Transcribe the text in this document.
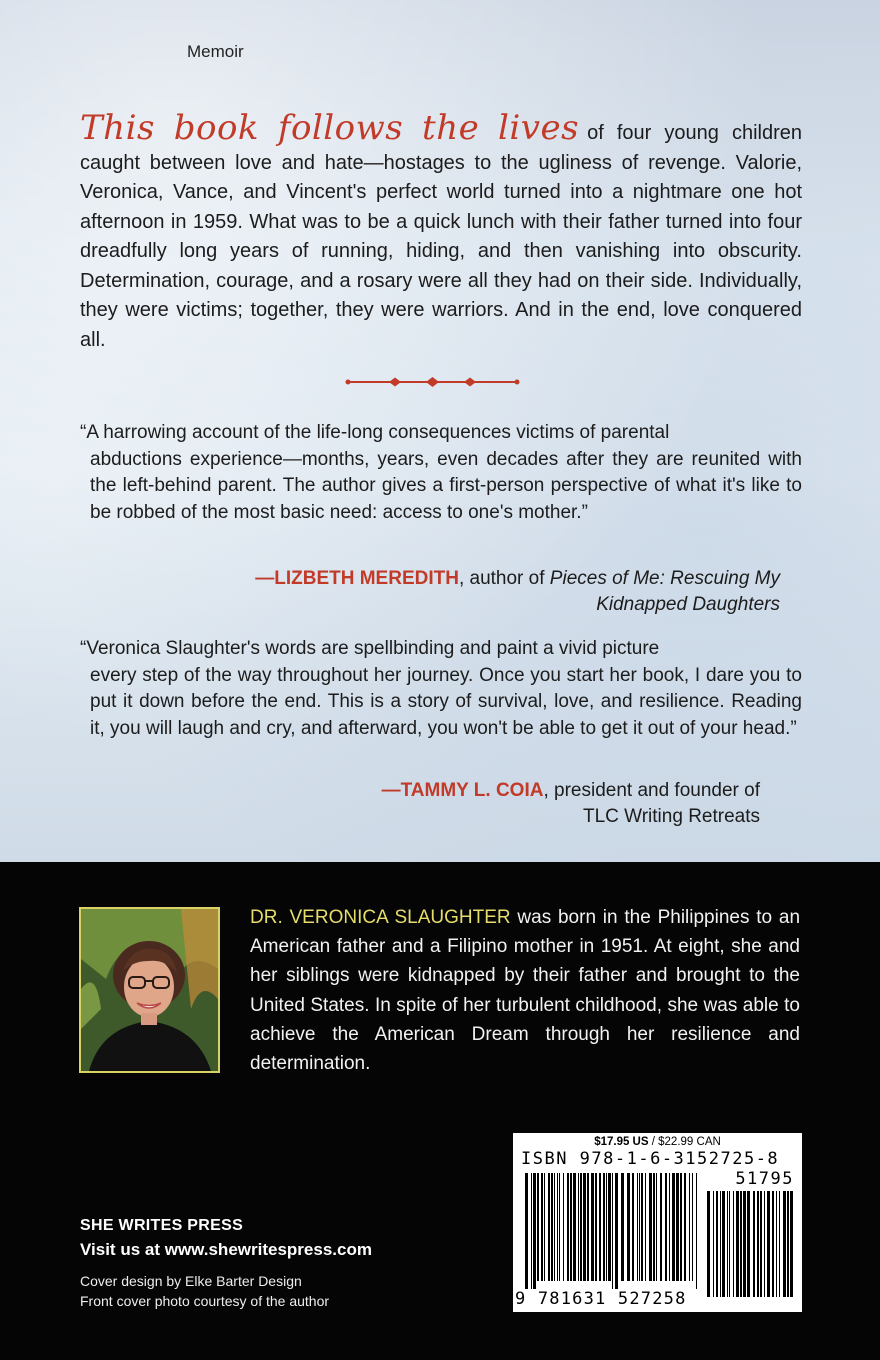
Memoir

This book follows the lives of four young children caught between love and hate—hostages to the ugliness of revenge. Valorie, Veronica, Vance, and Vincent's perfect world turned into a nightmare one hot afternoon in 1959. What was to be a quick lunch with their father turned into four dreadfully long years of running, hiding, and then vanishing into obscurity. Determination, courage, and a rosary were all they had on their side. Individually, they were victims; together, they were warriors. And in the end, love conquered all.

“A harrowing account of the life-long consequences victims of parental
abductions experience—months, years, even decades after they are reunited with the left-behind parent. The author gives a first-person perspective of what it's like to be robbed of the most basic need: access to one's mother.”

—LIZBETH MEREDITH, author of Pieces of Me: Rescuing My
Kidnapped Daughters

“Veronica Slaughter's words are spellbinding and paint a vivid picture
every step of the way throughout her journey. Once you start her book, I dare you to put it down before the end. This is a story of survival, love, and resilience. Reading it, you will laugh and cry, and afterward, you won't be able to get it out of your head.”

—TAMMY L. COIA, president and founder of
TLC Writing Retreats

DR. VERONICA SLAUGHTER was born in the Philippines to an American father and a Filipino mother in 1951. At eight, she and her siblings were kidnapped by their father and brought to the United States. In spite of her turbulent childhood, she was able to achieve the American Dream through her resilience and determination.

SHE WRITES PRESS
Visit us at www.shewritespress.com
Cover design by Elke Barter Design
Front cover photo courtesy of the author
$17.95 US / $22.99 CAN
ISBN 978-1-6-3152725-8
51795
9 781631 527258
